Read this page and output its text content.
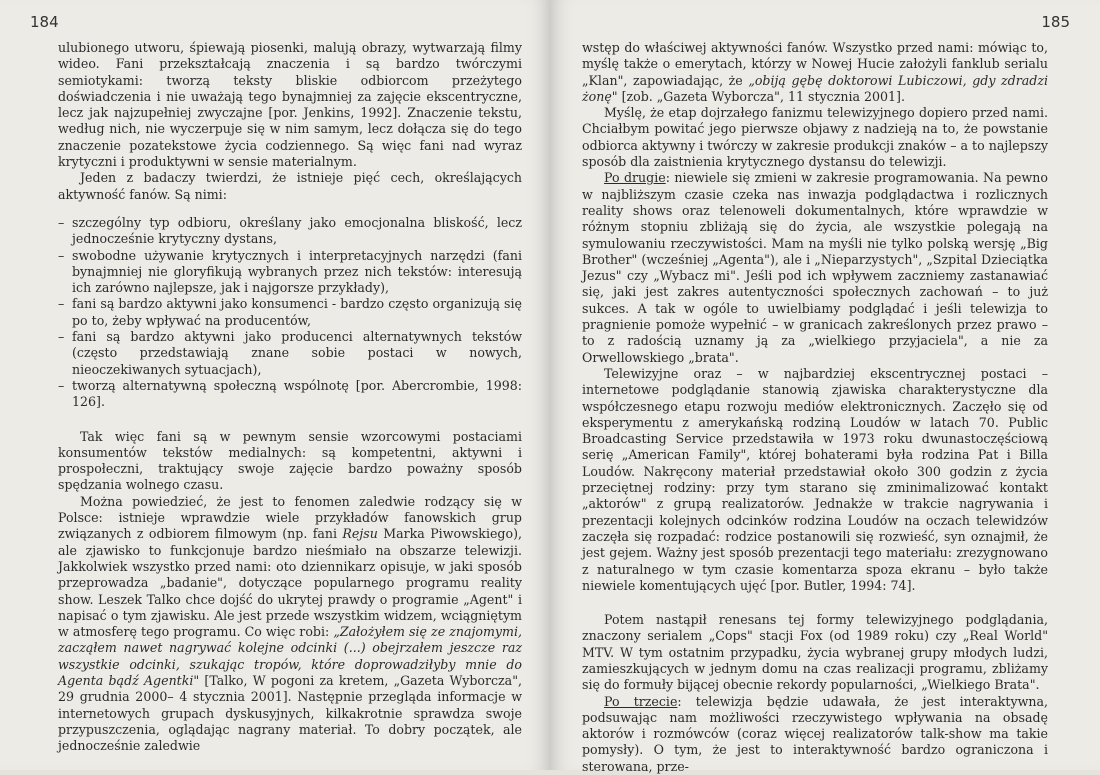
184

ulubionego utworu, śpiewają piosenki, malują obrazy, wytwarzają filmy wideo. Fani przekształcają znaczenia i są bardzo twórczymi semiotykami: tworzą teksty bliskie odbiorcom przeżytego doświadczenia i nie uważają tego bynajmniej za zajęcie ekscentryczne, lecz jak najzupełniej zwyczajne [por. Jenkins, 1992]. Znaczenie tekstu, według nich, nie wyczerpuje się w nim samym, lecz dołącza się do tego znaczenie pozatekstowe życia codziennego. Są więc fani nad wyraz krytyczni i produktywni w sensie materialnym.

Jeden z badaczy twierdzi, że istnieje pięć cech, określających aktywność fanów. Są nimi:

– szczególny typ odbioru, określany jako emocjonalna bliskość, lecz jednocześnie krytyczny dystans,
– swobodne używanie krytycznych i interpretacyjnych narzędzi (fani bynajmniej nie gloryfikują wybranych przez nich tekstów: interesują ich zarówno najlepsze, jak i najgorsze przykłady),
– fani są bardzo aktywni jako konsumenci - bardzo często organizują się po to, żeby wpływać na producentów,
– fani są bardzo aktywni jako producenci alternatywnych tekstów (często przedstawiają znane sobie postaci w nowych, nieoczekiwanych sytuacjach),
– tworzą alternatywną społeczną wspólnotę [por. Abercrombie, 1998: 126].

Tak więc fani są w pewnym sensie wzorcowymi postaciami konsumentów tekstów medialnych: są kompetentni, aktywni i prospołeczni, traktujący swoje zajęcie bardzo poważny sposób spędzania wolnego czasu.

Można powiedzieć, że jest to fenomen zaledwie rodzący się w Polsce: istnieje wprawdzie wiele przykładów fanowskich grup związanych z odbiorem filmowym (np. fani Rejsu Marka Piwowskiego), ale zjawisko to funkcjonuje bardzo nieśmiało na obszarze telewizji. Jakkolwiek wszystko przed nami: oto dziennikarz opisuje, w jaki sposób przeprowadza „badanie", dotyczące popularnego programu reality show. Leszek Talko chce dojść do ukrytej prawdy o programie „Agent" i napisać o tym zjawisku. Ale jest przede wszystkim widzem, wciągniętym w atmosferę tego programu. Co więc robi: „Założyłem się ze znajomymi, zacząłem nawet nagrywać kolejne odcinki (...) obejrzałem jeszcze raz wszystkie odcinki, szukając tropów, które doprowadziłyby mnie do Agenta bądź Agentki" [Talko, W pogoni za kretem, „Gazeta Wyborcza", 29 grudnia 2000– 4 stycznia 2001]. Następnie przegląda informacje w internetowych grupach dyskusyjnych, kilkakrotnie sprawdza swoje przypuszczenia, oglądając nagrany materiał. To dobry początek, ale jednocześnie zaledwie

185

wstęp do właściwej aktywności fanów. Wszystko przed nami: mówiąc to, myślę także o emerytach, którzy w Nowej Hucie założyli fanklub serialu „Klan", zapowiadając, że „obiją gębę doktorowi Lubiczowi, gdy zdradzi żonę" [zob. „Gazeta Wyborcza", 11 stycznia 2001].

Myślę, że etap dojrzałego fanizmu telewizyjnego dopiero przed nami. Chciałbym powitać jego pierwsze objawy z nadzieją na to, że powstanie odbiorca aktywny i twórczy w zakresie produkcji znaków – a to najlepszy sposób dla zaistnienia krytycznego dystansu do telewizji.

Po drugie: niewiele się zmieni w zakresie programowania. Na pewno w najbliższym czasie czeka nas inwazja podglądactwa i rozlicznych reality shows oraz telenoweli dokumentalnych, które wprawdzie w różnym stopniu zbliżają się do życia, ale wszystkie polegają na symulowaniu rzeczywistości. Mam na myśli nie tylko polską wersję „Big Brother" (wcześniej „Agenta"), ale i „Nieparzystych", „Szpital Dzieciątka Jezus" czy „Wybacz mi". Jeśli pod ich wpływem zaczniemy zastanawiać się, jaki jest zakres autentyczności społecznych zachowań – to już sukces. A tak w ogóle to uwielbiamy podglądać i jeśli telewizja to pragnienie pomoże wypełnić – w granicach zakreślonych przez prawo – to z radością uznamy ją za „wielkiego przyjaciela", a nie za Orwellowskiego „brata".

Telewizyjne oraz – w najbardziej ekscentrycznej postaci – internetowe podglądanie stanowią zjawiska charakterystyczne dla współczesnego etapu rozwoju mediów elektronicznych. Zaczęło się od eksperymentu z amerykańską rodziną Loudów w latach 70. Public Broadcasting Service przedstawiła w 1973 roku dwunastoczęściową serię „American Family", której bohaterami była rodzina Pat i Billa Loudów. Nakręcony materiał przedstawiał około 300 godzin z życia przeciętnej rodziny: przy tym starano się zminimalizować kontakt „aktorów" z grupą realizatorów. Jednakże w trakcie nagrywania i prezentacji kolejnych odcinków rodzina Loudów na oczach telewidzów zaczęła się rozpadać: rodzice postanowili się rozwieść, syn oznajmił, że jest gejem. Ważny jest sposób prezentacji tego materiału: zrezygnowano z naturalnego w tym czasie komentarza spoza ekranu – było także niewiele komentujących ujęć [por. Butler, 1994: 74].

Potem nastąpił renesans tej formy telewizyjnego podglądania, znaczony serialem „Cops" stacji Fox (od 1989 roku) czy „Real World" MTV. W tym ostatnim przypadku, życia wybranej grupy młodych ludzi, zamieszkujących w jednym domu na czas realizacji programu, zbliżamy się do formuły bijącej obecnie rekordy popularności, „Wielkiego Brata".

Po trzecie: telewizja będzie udawała, że jest interaktywna, podsuwając nam możliwości rzeczywistego wpływania na obsadę aktorów i rozmówców (coraz więcej realizatorów talk-show ma takie pomysły). O tym, że jest to interaktywność bardzo ograniczona i sterowana, prze-
